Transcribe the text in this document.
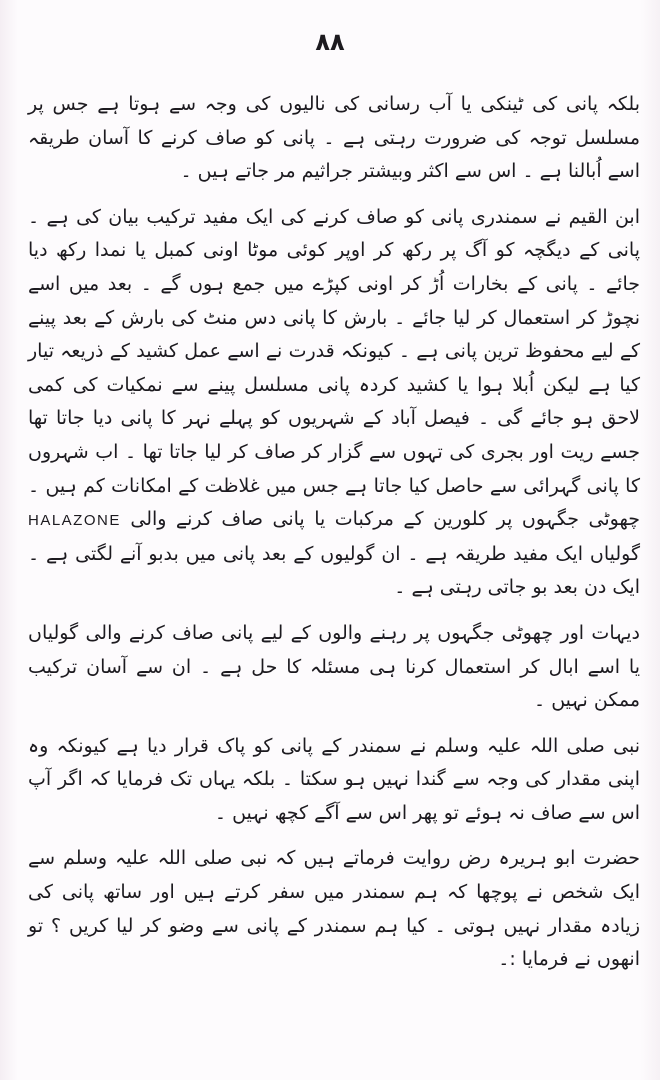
۸۸

بلکہ پانی کی ٹینکی یا آب رسانی کی نالیوں کی وجہ سے ہوتا ہے جس پر مسلسل توجہ کی ضرورت رہتی ہے ۔ پانی کو صاف کرنے کا آسان طریقہ اسے اُبالنا ہے ۔ اس سے اکثر وبیشتر جراثیم مر جاتے ہیں ۔

ابن القیم نے سمندری پانی کو صاف کرنے کی ایک مفید ترکیب بیان کی ہے ۔ پانی کے دیگچہ کو آگ پر رکھ کر اوپر کوئی موٹا اونی کمبل یا نمدا رکھ دیا جائے ۔ پانی کے بخارات اُڑ کر اونی کپڑے میں جمع ہوں گے ۔ بعد میں اسے نچوڑ کر استعمال کر لیا جائے ۔ بارش کا پانی دس منٹ کی بارش کے بعد پینے کے لیے محفوظ ترین پانی ہے ۔ کیونکہ قدرت نے اسے عمل کشید کے ذریعہ تیار کیا ہے لیکن اُبلا ہوا یا کشید کردہ پانی مسلسل پینے سے نمکیات کی کمی لاحق ہو جائے گی ۔ فیصل آباد کے شہریوں کو پہلے نہر کا پانی دیا جاتا تھا جسے ریت اور بجری کی تہوں سے گزار کر صاف کر لیا جاتا تھا ۔ اب شہروں کا پانی گہرائی سے حاصل کیا جاتا ہے جس میں غلاظت کے امکانات کم ہیں ۔ چھوٹی جگہوں پر کلورین کے مرکبات یا پانی صاف کرنے والی HALAZONE گولیاں ایک مفید طریقہ ہے ۔ ان گولیوں کے بعد پانی میں بدبو آنے لگتی ہے ۔ ایک دن بعد بو جاتی رہتی ہے ۔

دیہات اور چھوٹی جگہوں پر رہنے والوں کے لیے پانی صاف کرنے والی گولیاں یا اسے ابال کر استعمال کرنا ہی مسئلہ کا حل ہے ۔ ان سے آسان ترکیب ممکن نہیں ۔

نبی صلی اللہ علیہ وسلم نے سمندر کے پانی کو پاک قرار دیا ہے کیونکہ وہ اپنی مقدار کی وجہ سے گندا نہیں ہو سکتا ۔ بلکہ یہاں تک فرمایا کہ اگر آپ اس سے صاف نہ ہوئے تو پھر اس سے آگے کچھ نہیں ۔

حضرت ابو ہریرہ رض روایت فرماتے ہیں کہ نبی صلی اللہ علیہ وسلم سے ایک شخص نے پوچھا کہ ہم سمندر میں سفر کرتے ہیں اور ساتھ پانی کی زیادہ مقدار نہیں ہوتی ۔ کیا ہم سمندر کے پانی سے وضو کر لیا کریں ؟ تو انھوں نے فرمایا :۔
